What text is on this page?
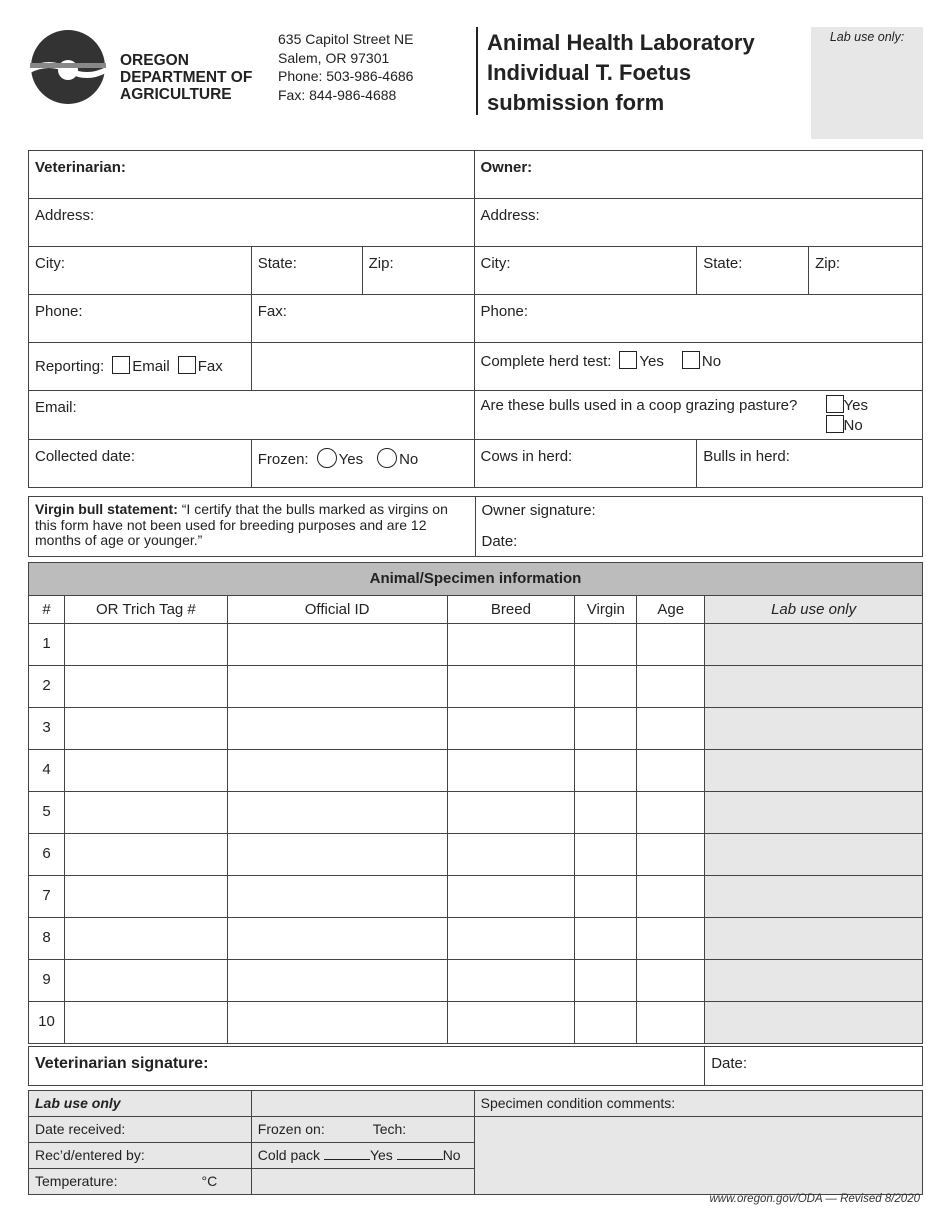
OREGON
DEPARTMENT OF
AGRICULTURE
635 Capitol Street NE
Salem, OR 97301
Phone: 503-986-4686
Fax: 844-986-4688
Animal Health Laboratory
Individual T. Foetus
submission form
Lab use only:
Veterinarian:			Owner:		
Address:			Address:		
City:	State:	Zip:	City:	State:	Zip:
Phone:	Fax:		Phone:		
Reporting: Email Fax			Complete herd test: Yes No		
Email:			Are these bulls used in a coop grazing pasture? Yes
No		

Collected date:	Frozen: Yes No		Cows in herd:	Bulls in herd:	
Virgin bull statement: “I certify that the bulls marked as virgins on this form have not been used for breeding purposes and are 12 months of age or younger.”	
Owner signature:
Date:
Animal/Specimen information						
#	OR Trich Tag #	Official ID	Breed	Virgin	Age	Lab use only
1						
2						
3						
4						
5						
6						
7						
8						
9						
10						
Veterinarian signature:	Date:
Lab use only		Specimen condition comments:
Date received:	Frozen on: Tech:	
Rec’d/entered by:	Cold pack Yes No	
Temperature: °C		
www.oregon.gov/ODA — Revised 8/2020
